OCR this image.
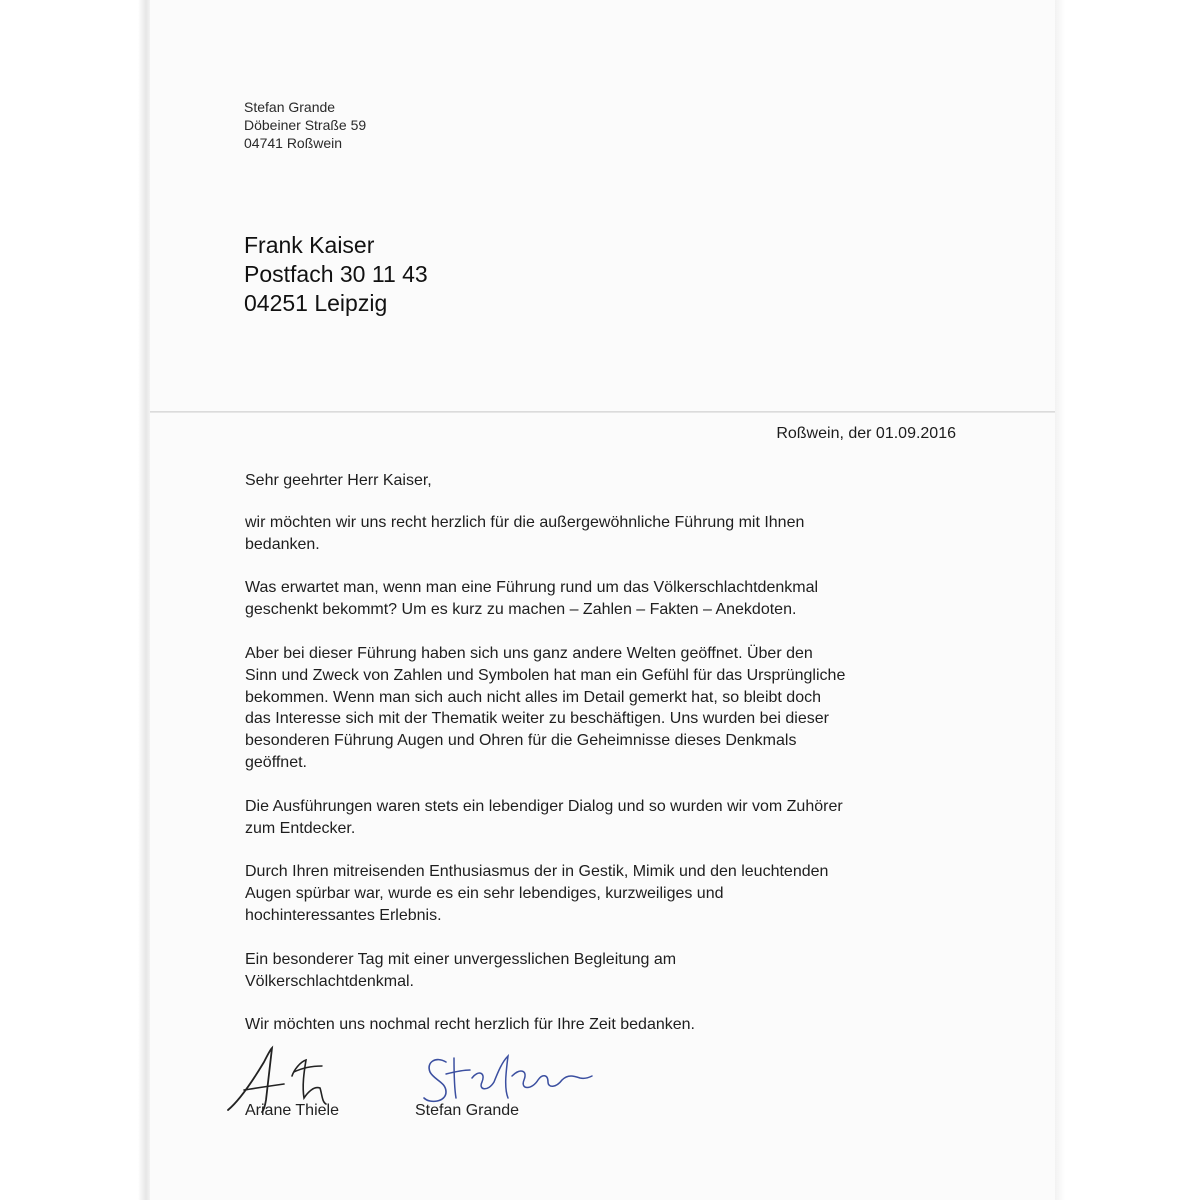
Stefan Grande
Döbeiner Straße 59
04741 Roßwein
Frank Kaiser
Postfach 30 11 43
04251 Leipzig
Roßwein, der 01.09.2016

Sehr geehrter Herr Kaiser,

wir möchten wir uns recht herzlich für die außergewöhnliche Führung mit Ihnen
bedanken.

Was erwartet man, wenn man eine Führung rund um das Völkerschlachtdenkmal
geschenkt bekommt? Um es kurz zu machen – Zahlen – Fakten – Anekdoten.

Aber bei dieser Führung haben sich uns ganz andere Welten geöffnet. Über den
Sinn und Zweck von Zahlen und Symbolen hat man ein Gefühl für das Ursprüngliche
bekommen. Wenn man sich auch nicht alles im Detail gemerkt hat, so bleibt doch
das Interesse sich mit der Thematik weiter zu beschäftigen. Uns wurden bei dieser
besonderen Führung Augen und Ohren für die Geheimnisse dieses Denkmals
geöffnet.

Die Ausführungen waren stets ein lebendiger Dialog und so wurden wir vom Zuhörer
zum Entdecker.

Durch Ihren mitreisenden Enthusiasmus der in Gestik, Mimik und den leuchtenden
Augen spürbar war, wurde es ein sehr lebendiges, kurzweiliges und
hochinteressantes Erlebnis.

Ein besonderer Tag mit einer unvergesslichen Begleitung am
Völkerschlachtdenkmal.

Wir möchten uns nochmal recht herzlich für Ihre Zeit bedanken.

Ariane Thiele	Stefan Grande
